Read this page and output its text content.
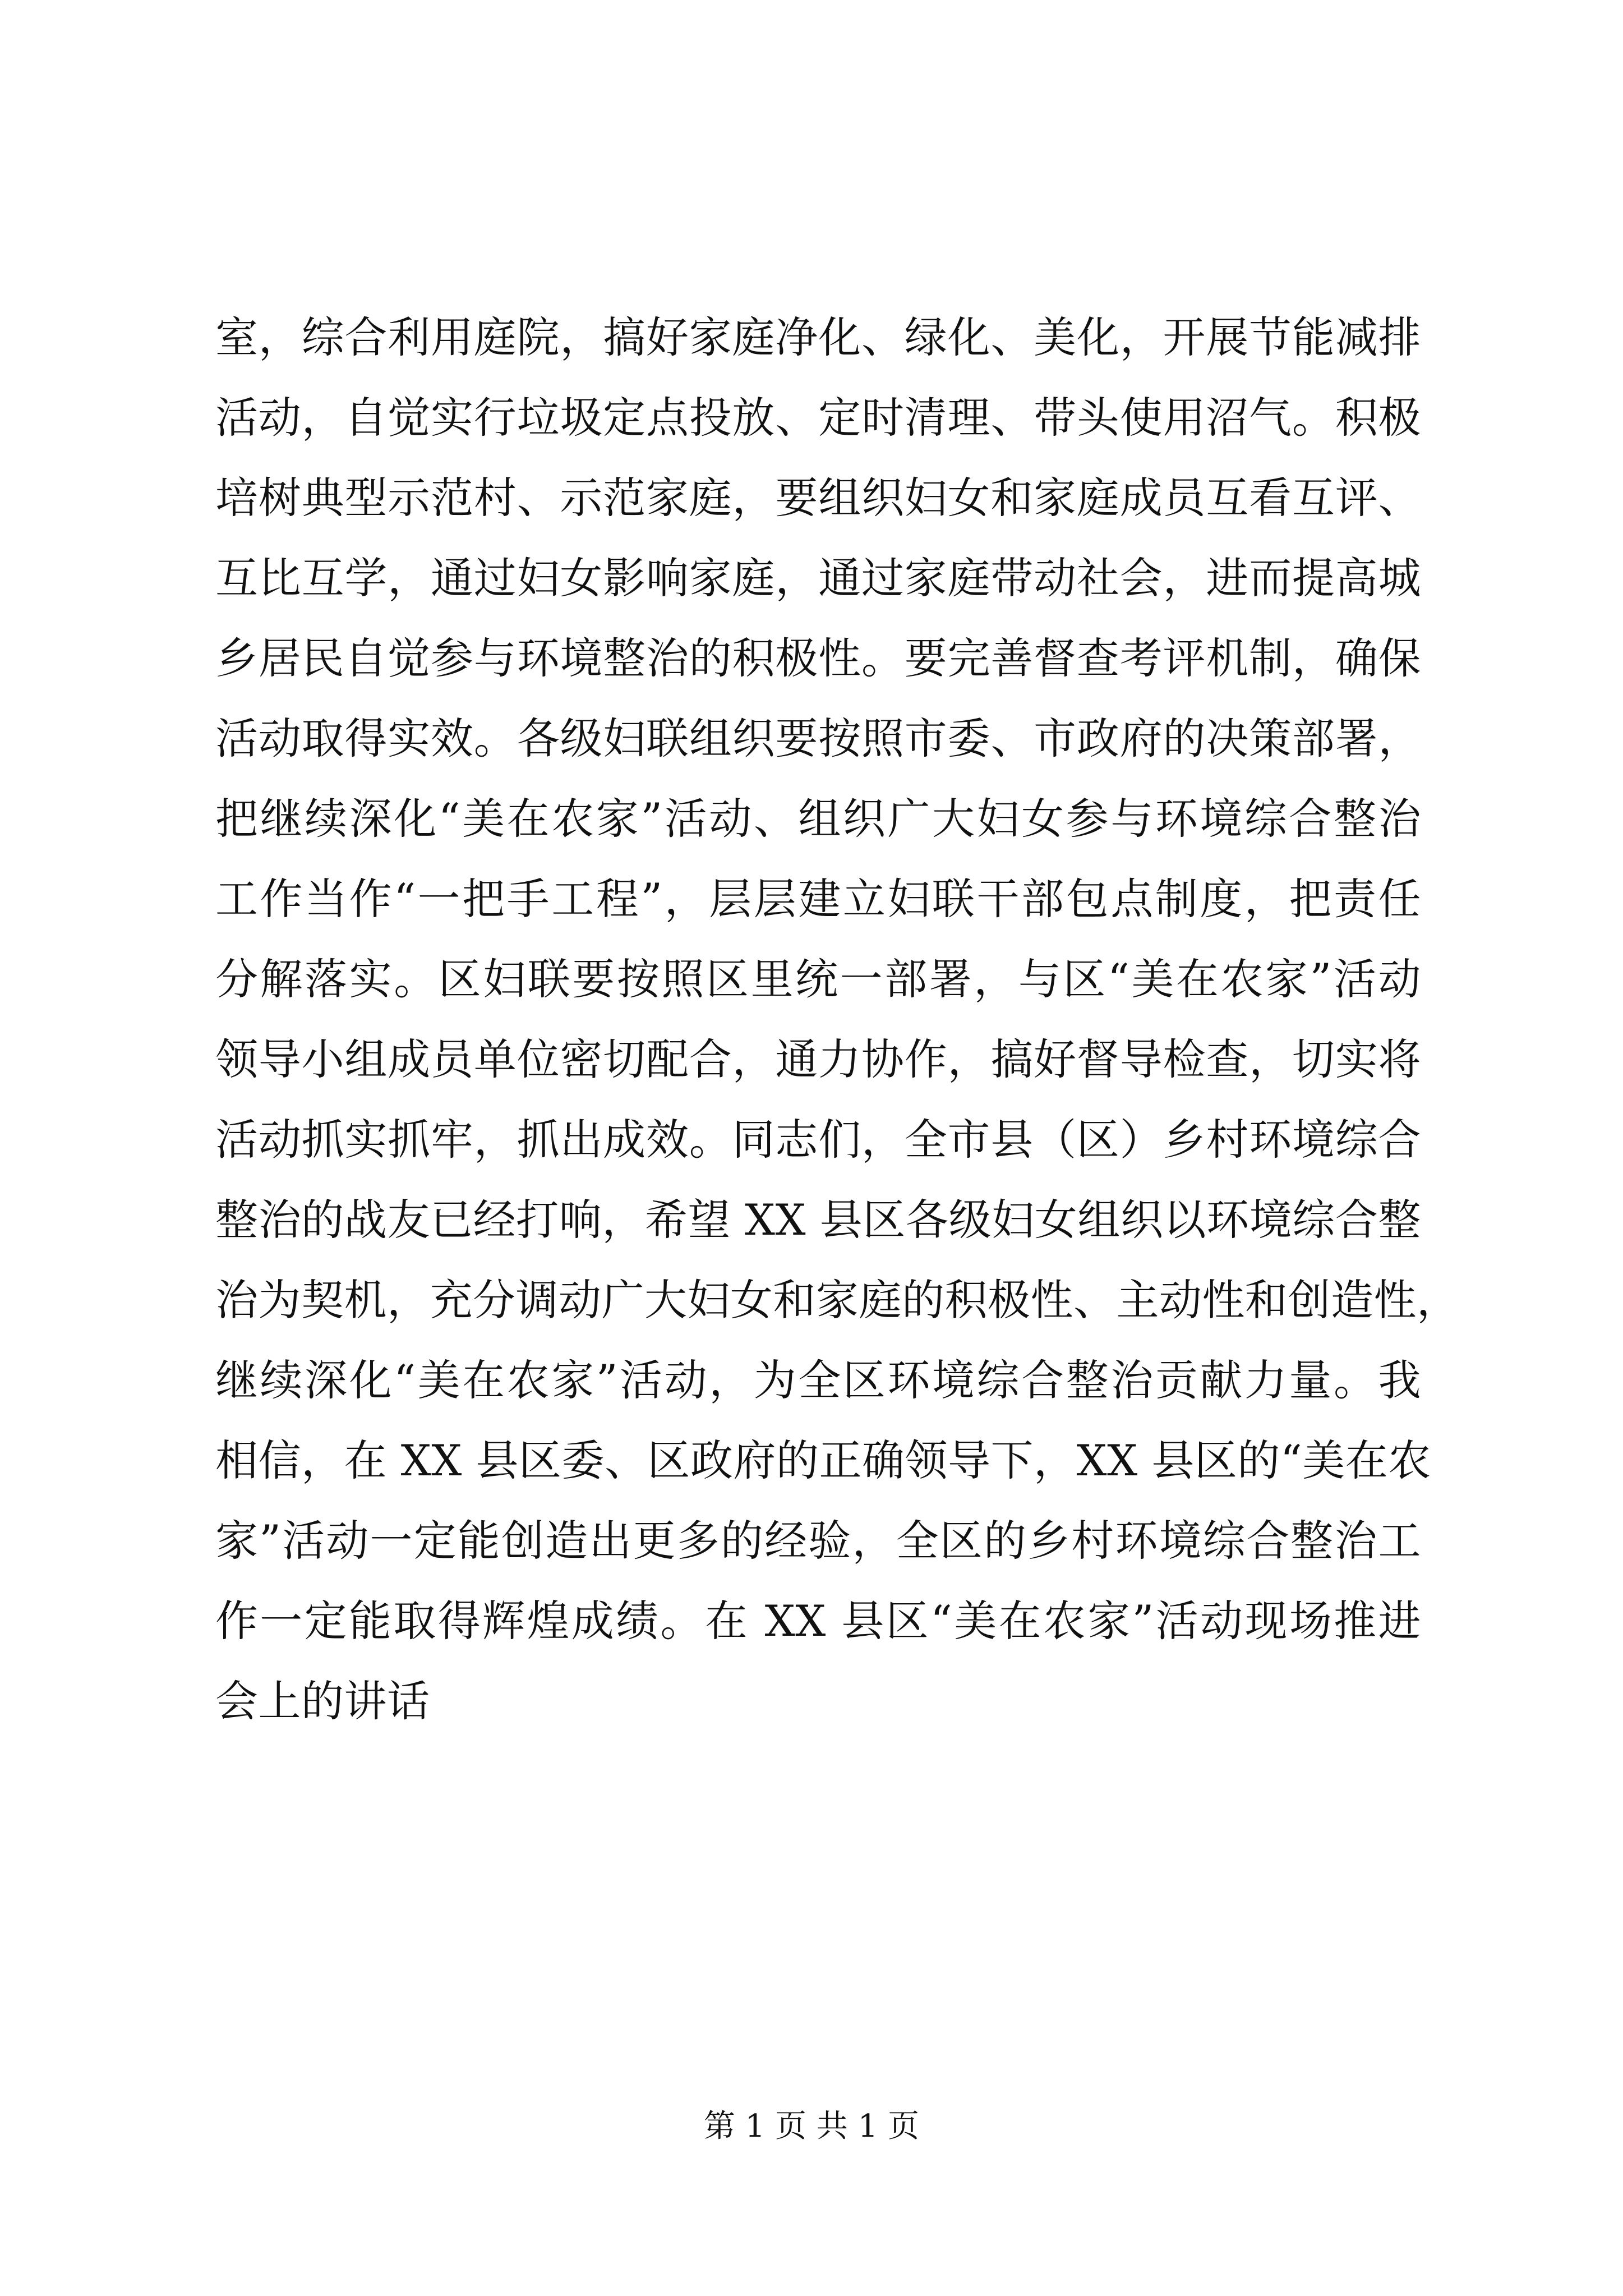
室，综合利用庭院，搞好家庭净化、绿化、美化，开展节能减排
活动，自觉实行垃圾定点投放、定时清理、带头使用沼气。积极
培树典型示范村、示范家庭，要组织妇女和家庭成员互看互评、
互比互学，通过妇女影响家庭，通过家庭带动社会，进而提高城
乡居民自觉参与环境整治的积极性。要完善督查考评机制，确保
活动取得实效。各级妇联组织要按照市委、市政府的决策部署，
把继续深化“美在农家”活动、组织广大妇女参与环境综合整治
工作当作“一把手工程”，层层建立妇联干部包点制度，把责任
分解落实。区妇联要按照区里统一部署，与区“美在农家”活动
领导小组成员单位密切配合，通力协作，搞好督导检查，切实将
活动抓实抓牢，抓出成效。同志们，全市县（区）乡村环境综合
整治的战友已经打响，希望 XX 县区各级妇女组织以环境综合整
治为契机，充分调动广大妇女和家庭的积极性、主动性和创造性，
继续深化“美在农家”活动，为全区环境综合整治贡献力量。我
相信，在 XX 县区委、区政府的正确领导下，XX 县区的“美在农
家”活动一定能创造出更多的经验，全区的乡村环境综合整治工
作一定能取得辉煌成绩。在 XX 县区“美在农家”活动现场推进
会上的讲话
第 1 页 共 1 页
